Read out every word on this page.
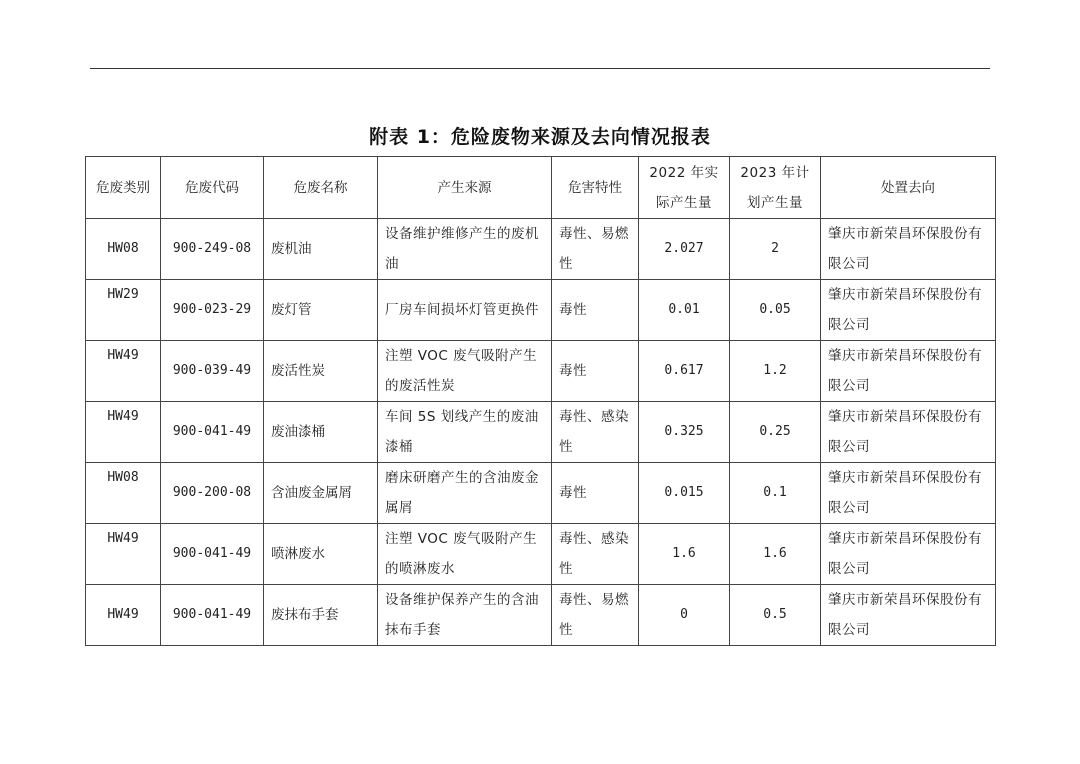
附表 1：危险废物来源及去向情况报表
危废类别	危废代码	危废名称	产生来源	危害特性	2022 年实际产生量	2023 年计划产生量	处置去向
HW08	900-249-08	废机油	设备维护维修产生的废机油	毒性、易燃性	2.027	2	肇庆市新荣昌环保股份有限公司
HW29	900-023-29	废灯管	厂房车间损坏灯管更换件	毒性	0.01	0.05	肇庆市新荣昌环保股份有限公司
HW49	900-039-49	废活性炭	注塑 VOC 废气吸附产生的废活性炭	毒性	0.617	1.2	肇庆市新荣昌环保股份有限公司
HW49	900-041-49	废油漆桶	车间 5S 划线产生的废油漆桶	毒性、感染性	0.325	0.25	肇庆市新荣昌环保股份有限公司
HW08	900-200-08	含油废金属屑	磨床研磨产生的含油废金属屑	毒性	0.015	0.1	肇庆市新荣昌环保股份有限公司
HW49	900-041-49	喷淋废水	注塑 VOC 废气吸附产生的喷淋废水	毒性、感染性	1.6	1.6	肇庆市新荣昌环保股份有限公司
HW49	900-041-49	废抹布手套	设备维护保养产生的含油抹布手套	毒性、易燃性	0	0.5	肇庆市新荣昌环保股份有限公司
